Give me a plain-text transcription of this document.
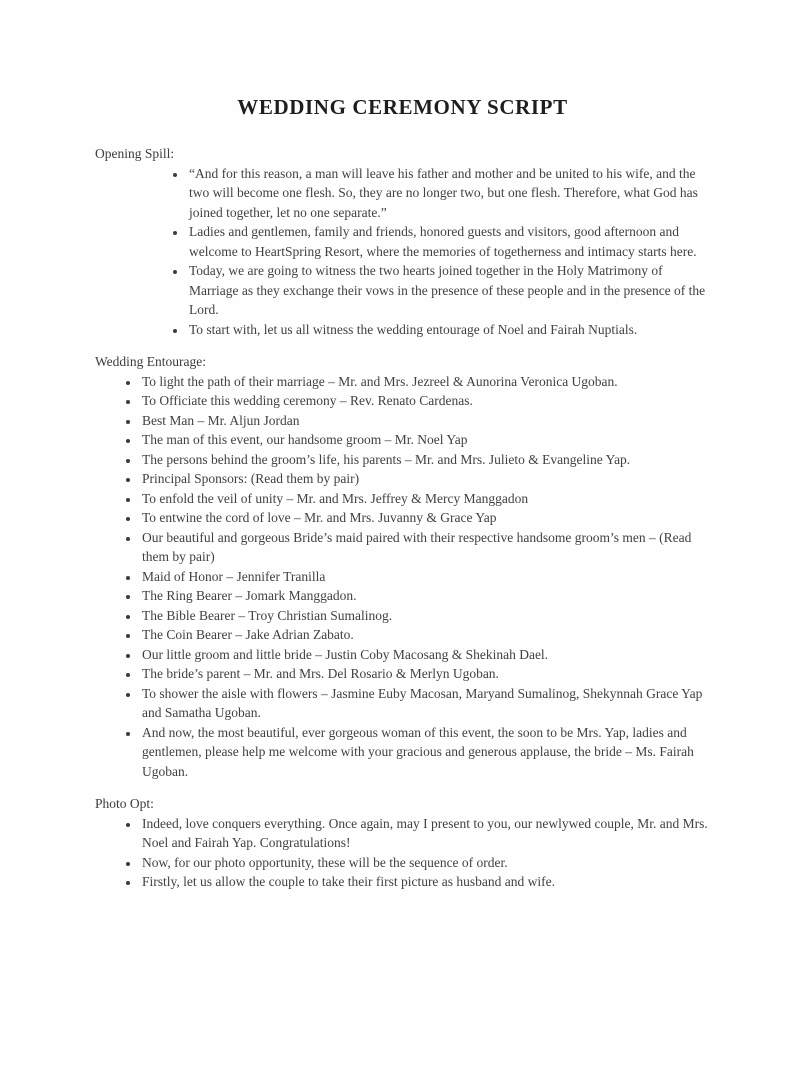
WEDDING CEREMONY SCRIPT
Opening Spill:
• “And for this reason, a man will leave his father and mother and be united to his wife, and the two will become one flesh. So, they are no longer two, but one flesh. Therefore, what God has joined together, let no one separate.”
• Ladies and gentlemen, family and friends, honored guests and visitors, good afternoon and welcome to HeartSpring Resort, where the memories of togetherness and intimacy starts here.
• Today, we are going to witness the two hearts joined together in the Holy Matrimony of Marriage as they exchange their vows in the presence of these people and in the presence of the Lord.
• To start with, let us all witness the wedding entourage of Noel and Fairah Nuptials.
Wedding Entourage:
• To light the path of their marriage – Mr. and Mrs. Jezreel & Aunorina Veronica Ugoban.
• To Officiate this wedding ceremony – Rev. Renato Cardenas.
• Best Man – Mr. Aljun Jordan
• The man of this event, our handsome groom – Mr. Noel Yap
• The persons behind the groom’s life, his parents – Mr. and Mrs. Julieto & Evangeline Yap.
• Principal Sponsors: (Read them by pair)
• To enfold the veil of unity – Mr. and Mrs. Jeffrey & Mercy Manggadon
• To entwine the cord of love – Mr. and Mrs. Juvanny & Grace Yap
• Our beautiful and gorgeous Bride’s maid paired with their respective handsome groom’s men – (Read them by pair)
• Maid of Honor – Jennifer Tranilla
• The Ring Bearer – Jomark Manggadon.
• The Bible Bearer – Troy Christian Sumalinog.
• The Coin Bearer – Jake Adrian Zabato.
• Our little groom and little bride – Justin Coby Macosang & Shekinah Dael.
• The bride’s parent – Mr. and Mrs. Del Rosario & Merlyn Ugoban.
• To shower the aisle with flowers – Jasmine Euby Macosan, Maryand Sumalinog, Shekynnah Grace Yap and Samatha Ugoban.
• And now, the most beautiful, ever gorgeous woman of this event, the soon to be Mrs. Yap, ladies and gentlemen, please help me welcome with your gracious and generous applause, the bride – Ms. Fairah Ugoban.
Photo Opt:
• Indeed, love conquers everything. Once again, may I present to you, our newlywed couple, Mr. and Mrs. Noel and Fairah Yap. Congratulations!
• Now, for our photo opportunity, these will be the sequence of order.
• Firstly, let us allow the couple to take their first picture as husband and wife.
